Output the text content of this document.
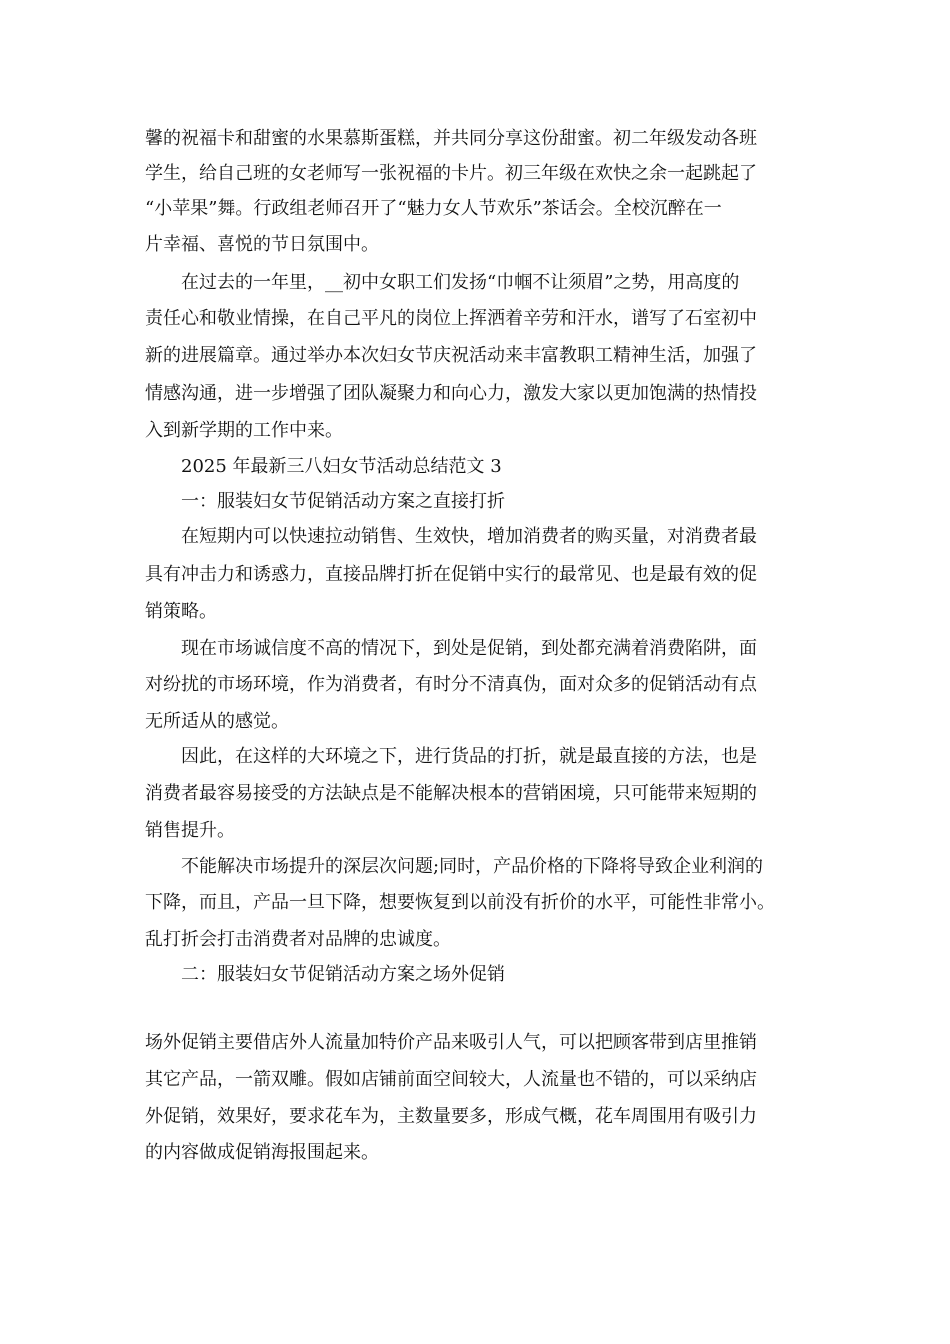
馨的祝福卡和甜蜜的水果慕斯蛋糕，并共同分享这份甜蜜。初二年级发动各班

学生，给自己班的女老师写一张祝福的卡片。初三年级在欢快之余一起跳起了

“小苹果”舞。行政组老师召开了“魅力女人节欢乐”茶话会。全校沉醉在一

片幸福、喜悦的节日氛围中。

在过去的一年里，__初中女职工们发扬“巾帼不让须眉”之势，用高度的

责任心和敬业情操，在自己平凡的岗位上挥洒着辛劳和汗水，谱写了石室初中

新的进展篇章。通过举办本次妇女节庆祝活动来丰富教职工精神生活，加强了

情感沟通，进一步增强了团队凝聚力和向心力，激发大家以更加饱满的热情投

入到新学期的工作中来。

2025 年最新三八妇女节活动总结范文 3

一：服装妇女节促销活动方案之直接打折

在短期内可以快速拉动销售、生效快，增加消费者的购买量，对消费者最

具有冲击力和诱惑力，直接品牌打折在促销中实行的最常见、也是最有效的促

销策略。

现在市场诚信度不高的情况下，到处是促销，到处都充满着消费陷阱，面

对纷扰的市场环境，作为消费者，有时分不清真伪，面对众多的促销活动有点

无所适从的感觉。

因此，在这样的大环境之下，进行货品的打折，就是最直接的方法，也是

消费者最容易接受的方法缺点是不能解决根本的营销困境，只可能带来短期的

销售提升。

不能解决市场提升的深层次问题;同时，产品价格的下降将导致企业利润的

下降，而且，产品一旦下降，想要恢复到以前没有折价的水平，可能性非常小。

乱打折会打击消费者对品牌的忠诚度。

二：服装妇女节促销活动方案之场外促销

场外促销主要借店外人流量加特价产品来吸引人气，可以把顾客带到店里推销

其它产品，一箭双雕。假如店铺前面空间较大，人流量也不错的，可以采纳店

外促销，效果好，要求花车为，主数量要多，形成气概，花车周围用有吸引力

的内容做成促销海报围起来。
